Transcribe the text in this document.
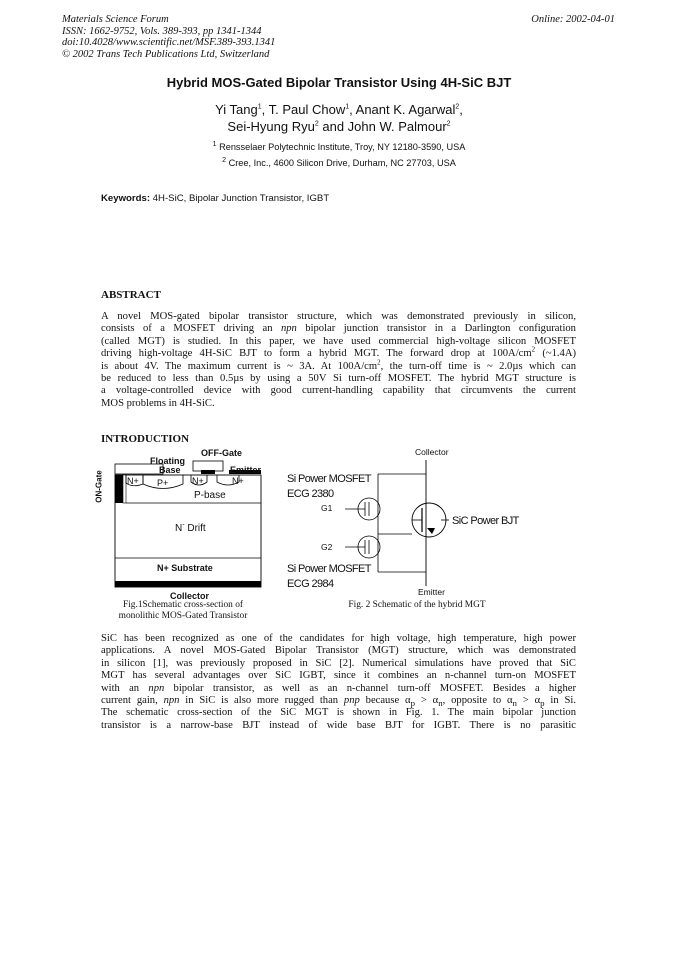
Materials Science Forum
ISSN: 1662-9752, Vols. 389-393, pp 1341-1344
doi:10.4028/www.scientific.net/MSF.389-393.1341
© 2002 Trans Tech Publications Ltd, Switzerland
Online: 2002-04-01
Hybrid MOS-Gated Bipolar Transistor Using 4H-SiC BJT
Yi Tang$^1$, T. Paul Chow$^1$, Anant K. Agarwal$^2$,
Sei-Hyung Ryu$^2$ and John W. Palmour$^2$
$^1$ Rensselaer Polytechnic Institute, Troy, NY 12180-3590, USA
$^2$ Cree, Inc., 4600 Silicon Drive, Durham, NC 27703, USA
Keywords: 4H-SiC, Bipolar Junction Transistor, IGBT
ABSTRACT
A novel MOS-gated bipolar transistor structure, which was demonstrated previously in silicon,
consists of a MOSFET driving an npn bipolar junction transistor in a Darlington configuration
(called MGT) is studied. In this paper, we have used commercial high-voltage silicon MOSFET
driving high-voltage 4H-SiC BJT to form a hybrid MGT. The forward drop at $100A/cm^2$ (~1.4A)
is about 4V. The maximum current is ~ 3A. At $100A/cm^2$, the turn-off time is ~ 2.0µs which can
be reduced to less than 0.5µs by using a 50V Si turn-off MOSFET. The hybrid MGT structure is
a voltage-controlled device with good current-handling capability that circumvents the current
MOS problems in 4H-SiC.
INTRODUCTION
OFF-Gate
Floating
Base	Emitter
ON-Gate	N+ P+	N+	N+
P-base
N- Drift
N+ Substrate
Collector
Fig.1Schematic cross-section of
monolithic MOS-Gated Transistor
Collector
Si Power MOSFET
ECG 2380
G1
G2
SiC Power BJT
Si Power MOSFET
ECG 2984
Emitter
Fig. 2 Schematic of the hybrid MGT
SiC has been recognized as one of the candidates for high voltage, high temperature, high power
applications. A novel MOS-Gated Bipolar Transistor (MGT) structure, which was demonstrated
in silicon [1], was previously proposed in SiC [2]. Numerical simulations have proved that SiC
MGT has several advantages over SiC IGBT, since it combines an n-channel turn-on MOSFET
with an npn bipolar transistor, as well as an n-channel turn-off MOSFET. Besides a higher
current gain, npn in SiC is also more rugged than pnp because $\alpha_p > \alpha_n$, opposite to $\alpha_n > \alpha_p$ in Si.
The schematic cross-section of the SiC MGT is shown in Fig. 1. The main bipolar junction
transistor is a narrow-base BJT instead of wide base BJT for IGBT. There is no parasitic
